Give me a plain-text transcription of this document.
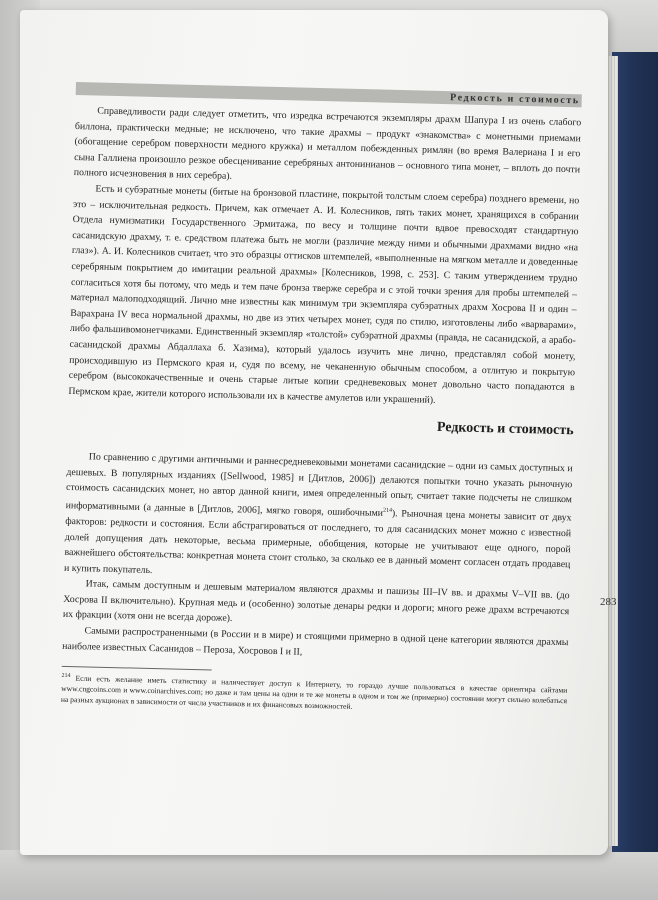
Редкость и стоимость

Справедливости ради следует отметить, что изредка встречаются экземпляры драхм Шапура I из очень слабого биллона, практически медные; не исключено, что такие драхмы – продукт «знакомства» с монетными приемами (обогащение серебром поверхности медного кружка) и металлом побежденных римлян (во время Валериана I и его сына Галлиена произошло резкое обесценивание серебряных антонинианов – основного типа монет, – вплоть до почти полного исчезновения в них серебра).

Есть и субэратные монеты (битые на бронзовой пластине, покрытой толстым слоем серебра) позднего времени, но это – исключительная редкость. Причем, как отмечает А. И. Колесников, пять таких монет, хранящихся в собрании Отдела нумизматики Государственного Эрмитажа, по весу и толщине почти вдвое превосходят стандартную сасанидскую драхму, т. е. средством платежа быть не могли (различие между ними и обычными драхмами видно «на глаз»). А. И. Колесников считает, что это образцы оттисков штемпелей, «выполненные на мягком металле и доведенные серебряным покрытием до имитации реальной драхмы» [Колесников, 1998, с. 253]. С таким утверждением трудно согласиться хотя бы потому, что медь и тем паче бронза тверже серебра и с этой точки зрения для пробы штемпелей – материал малоподходящий. Лично мне известны как минимум три экземпляра субэратных драхм Хосрова II и один – Варахрана IV веса нормальной драхмы, но две из этих четырех монет, судя по стилю, изготовлены либо «варварами», либо фальшивомонетчиками. Единственный экземпляр «толстой» субэратной драхмы (правда, не сасанидской, а арабо-сасанидской драхмы Абдаллаха б. Хазима), который удалось изучить мне лично, представлял собой монету, происходившую из Пермского края и, судя по всему, не чеканенную обычным способом, а отлитую и покрытую серебром (высококачественные и очень старые литые копии средневековых монет довольно часто попадаются в Пермском крае, жители которого использовали их в качестве амулетов или украшений).

Редкость и стоимость

По сравнению с другими античными и раннесредневековыми монетами сасанидские – одни из самых доступных и дешевых. В популярных изданиях ([Sellwood, 1985] и [Дитлов, 2006]) делаются попытки точно указать рыночную стоимость сасанидских монет, но автор данной книги, имея определенный опыт, считает такие подсчеты не слишком информативными (а данные в [Дитлов, 2006], мягко говоря, ошибочными$^{214}$). Рыночная цена монеты зависит от двух факторов: редкости и состояния. Если абстрагироваться от последнего, то для сасанидских монет можно с известной долей допущения дать некоторые, весьма примерные, обобщения, которые не учитывают еще одного, порой важнейшего обстоятельства: конкретная монета стоит столько, за сколько ее в данный момент согласен отдать продавец и купить покупатель.

Итак, самым доступным и дешевым материалом являются драхмы и пашизы III–IV вв. и драхмы V–VII вв. (до Хосрова II включительно). Крупная медь и (особенно) золотые денары редки и дороги; много реже драхм встречаются их фракции (хотя они не всегда дороже).

Самыми распространенными (в России и в мире) и стоящими примерно в одной цене категории являются драхмы наиболее известных Сасанидов – Пероза, Хосровов I и II,

$^{214}$ Если есть желание иметь статистику и наличествует доступ к Интернету, то гораздо лучше пользоваться в качестве ориентира сайтами www.cngcoins.com и www.coinarchives.com; но даже и там цены на одни и те же монеты в одном и том же (примерно) состоянии могут сильно колебаться на разных аукционах в зависимости от числа участников и их финансовых возможностей.

283
